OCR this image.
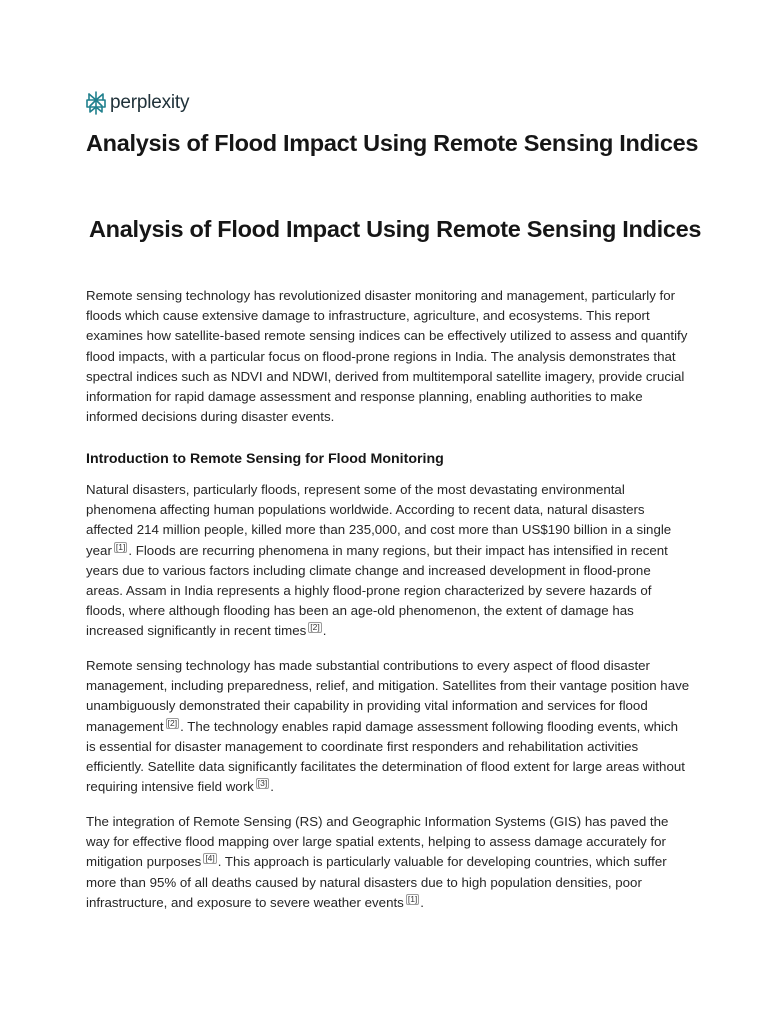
perplexity
Analysis of Flood Impact Using Remote Sensing Indices
Analysis of Flood Impact Using Remote Sensing Indices

Remote sensing technology has revolutionized disaster monitoring and management, particularly for floods which cause extensive damage to infrastructure, agriculture, and ecosystems. This report examines how satellite-based remote sensing indices can be effectively utilized to assess and quantify flood impacts, with a particular focus on flood-prone regions in India. The analysis demonstrates that spectral indices such as NDVI and NDWI, derived from multitemporal satellite imagery, provide crucial information for rapid damage assessment and response planning, enabling authorities to make informed decisions during disaster events.

Introduction to Remote Sensing for Flood Monitoring

Natural disasters, particularly floods, represent some of the most devastating environmental phenomena affecting human populations worldwide. According to recent data, natural disasters affected 214 million people, killed more than 235,000, and cost more than US$190 billion in a single year [1] . Floods are recurring phenomena in many regions, but their impact has intensified in recent years due to various factors including climate change and increased development in flood-prone areas. Assam in India represents a highly flood-prone region characterized by severe hazards of floods, where although flooding has been an age-old phenomenon, the extent of damage has increased significantly in recent times [2] .

Remote sensing technology has made substantial contributions to every aspect of flood disaster management, including preparedness, relief, and mitigation. Satellites from their vantage position have unambiguously demonstrated their capability in providing vital information and services for flood management [2] . The technology enables rapid damage assessment following flooding events, which is essential for disaster management to coordinate first responders and rehabilitation activities efficiently. Satellite data significantly facilitates the determination of flood extent for large areas without requiring intensive field work [3] .

The integration of Remote Sensing (RS) and Geographic Information Systems (GIS) has paved the way for effective flood mapping over large spatial extents, helping to assess damage accurately for mitigation purposes [4] . This approach is particularly valuable for developing countries, which suffer more than 95% of all deaths caused by natural disasters due to high population densities, poor infrastructure, and exposure to severe weather events [1] .
